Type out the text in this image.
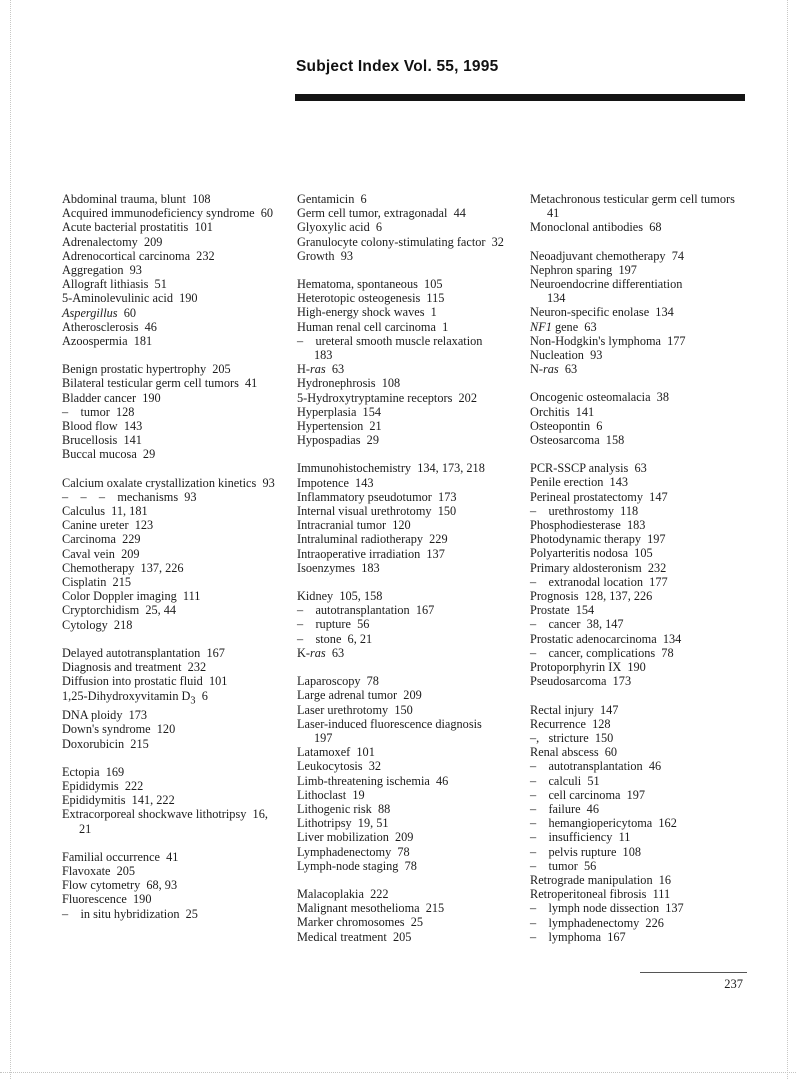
Subject Index Vol. 55, 1995
Abdominal trauma, blunt  108
Acquired immunodeficiency syndrome  60
Acute bacterial prostatitis  101
Adrenalectomy  209
Adrenocortical carcinoma  232
Aggregation  93
Allograft lithiasis  51
5-Aminolevulinic acid  190
Aspergillus  60
Atherosclerosis  46
Azoospermia  181
Benign prostatic hypertrophy  205
Bilateral testicular germ cell tumors  41
Bladder cancer  190
–    tumor  128
Blood flow  143
Brucellosis  141
Buccal mucosa  29
Calcium oxalate crystallization kinetics  93
–    –    –    mechanisms  93
Calculus  11, 181
Canine ureter  123
Carcinoma  229
Caval vein  209
Chemotherapy  137, 226
Cisplatin  215
Color Doppler imaging  111
Cryptorchidism  25, 44
Cytology  218
Delayed autotransplantation  167
Diagnosis and treatment  232
Diffusion into prostatic fluid  101
1,25-Dihydroxyvitamin $D_3$  6
DNA ploidy  173
Down's syndrome  120
Doxorubicin  215
Ectopia  169
Epididymis  222
Epididymitis  141, 222
Extracorporeal shockwave lithotripsy  16,
21
Familial occurrence  41
Flavoxate  205
Flow cytometry  68, 93
Fluorescence  190
–    in situ hybridization  25
Gentamicin  6
Germ cell tumor, extragonadal  44
Glyoxylic acid  6
Granulocyte colony-stimulating factor  32
Growth  93
Hematoma, spontaneous  105
Heterotopic osteogenesis  115
High-energy shock waves  1
Human renal cell carcinoma  1
–    ureteral smooth muscle relaxation
183
H-ras  63
Hydronephrosis  108
5-Hydroxytryptamine receptors  202
Hyperplasia  154
Hypertension  21
Hypospadias  29
Immunohistochemistry  134, 173, 218
Impotence  143
Inflammatory pseudotumor  173
Internal visual urethrotomy  150
Intracranial tumor  120
Intraluminal radiotherapy  229
Intraoperative irradiation  137
Isoenzymes  183
Kidney  105, 158
–    autotransplantation  167
–    rupture  56
–    stone  6, 21
K-ras  63
Laparoscopy  78
Large adrenal tumor  209
Laser urethrotomy  150
Laser-induced fluorescence diagnosis
197
Latamoxef  101
Leukocytosis  32
Limb-threatening ischemia  46
Lithoclast  19
Lithogenic risk  88
Lithotripsy  19, 51
Liver mobilization  209
Lymphadenectomy  78
Lymph-node staging  78
Malacoplakia  222
Malignant mesothelioma  215
Marker chromosomes  25
Medical treatment  205
Metachronous testicular germ cell tumors
41
Monoclonal antibodies  68
Neoadjuvant chemotherapy  74
Nephron sparing  197
Neuroendocrine differentiation
134
Neuron-specific enolase  134
NF1 gene  63
Non-Hodgkin's lymphoma  177
Nucleation  93
N-ras  63
Oncogenic osteomalacia  38
Orchitis  141
Osteopontin  6
Osteosarcoma  158
PCR-SSCP analysis  63
Penile erection  143
Perineal prostatectomy  147
–    urethrostomy  118
Phosphodiesterase  183
Photodynamic therapy  197
Polyarteritis nodosa  105
Primary aldosteronism  232
–    extranodal location  177
Prognosis  128, 137, 226
Prostate  154
–    cancer  38, 147
Prostatic adenocarcinoma  134
–    cancer, complications  78
Protoporphyrin IX  190
Pseudosarcoma  173
Rectal injury  147
Recurrence  128
–,   stricture  150
Renal abscess  60
–    autotransplantation  46
–    calculi  51
–    cell carcinoma  197
–    failure  46
–    hemangiopericytoma  162
–    insufficiency  11
–    pelvis rupture  108
–    tumor  56
Retrograde manipulation  16
Retroperitoneal fibrosis  111
–    lymph node dissection  137
–    lymphadenectomy  226
–    lymphoma  167
237
